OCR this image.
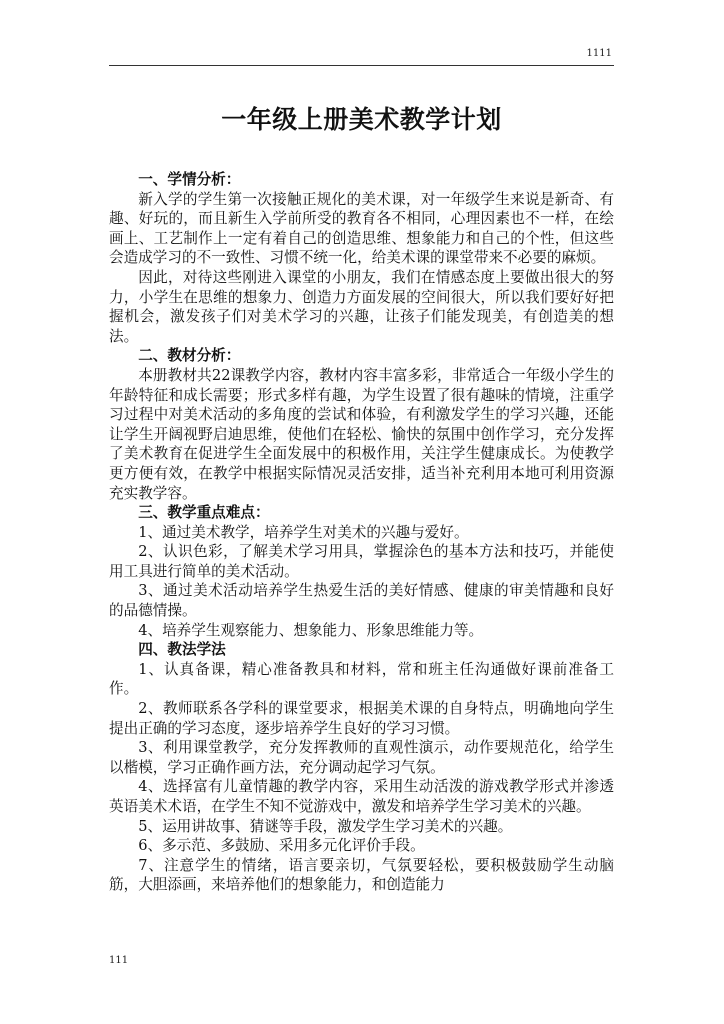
1111
一年级上册美术教学计划
一、学情分析：

新入学的学生第一次接触正规化的美术课，对一年级学生来说是新奇、有趣、好玩的，而且新生入学前所受的教育各不相同，心理因素也不一样，在绘画上、工艺制作上一定有着自己的创造思维、想象能力和自己的个性，但这些会造成学习的不一致性、习惯不统一化，给美术课的课堂带来不必要的麻烦。

因此，对待这些刚进入课堂的小朋友，我们在情感态度上要做出很大的努力，小学生在思维的想象力、创造力方面发展的空间很大，所以我们要好好把握机会，激发孩子们对美术学习的兴趣，让孩子们能发现美，有创造美的想法。

二、教材分析：

本册教材共22课教学内容，教材内容丰富多彩，非常适合一年级小学生的年龄特征和成长需要；形式多样有趣，为学生设置了很有趣味的情境，注重学习过程中对美术活动的多角度的尝试和体验，有利激发学生的学习兴趣，还能让学生开阔视野启迪思维，使他们在轻松、愉快的氛围中创作学习，充分发挥了美术教育在促进学生全面发展中的积极作用，关注学生健康成长。为使教学更方便有效，在教学中根据实际情况灵活安排，适当补充利用本地可利用资源充实教学容。

三、教学重点难点：

1、通过美术教学，培养学生对美术的兴趣与爱好。

2、认识色彩，了解美术学习用具，掌握涂色的基本方法和技巧，并能使用工具进行简单的美术活动。

3、通过美术活动培养学生热爱生活的美好情感、健康的审美情趣和良好的品德情操。

4、培养学生观察能力、想象能力、形象思维能力等。

四、教法学法

1、认真备课，精心准备教具和材料，常和班主任沟通做好课前准备工作。

2、教师联系各学科的课堂要求，根据美术课的自身特点，明确地向学生提出正确的学习态度，逐步培养学生良好的学习习惯。

3、利用课堂教学，充分发挥教师的直观性演示，动作要规范化，给学生以楷模，学习正确作画方法，充分调动起学习气氛。

4、选择富有儿童情趣的教学内容，采用生动活泼的游戏教学形式并渗透英语美术术语，在学生不知不觉游戏中，激发和培养学生学习美术的兴趣。

5、运用讲故事、猜谜等手段，激发学生学习美术的兴趣。

6、多示范、多鼓励、采用多元化评价手段。

7、注意学生的情绪，语言要亲切，气氛要轻松，要积极鼓励学生动脑筋，大胆添画，来培养他们的想象能力，和创造能力

111
